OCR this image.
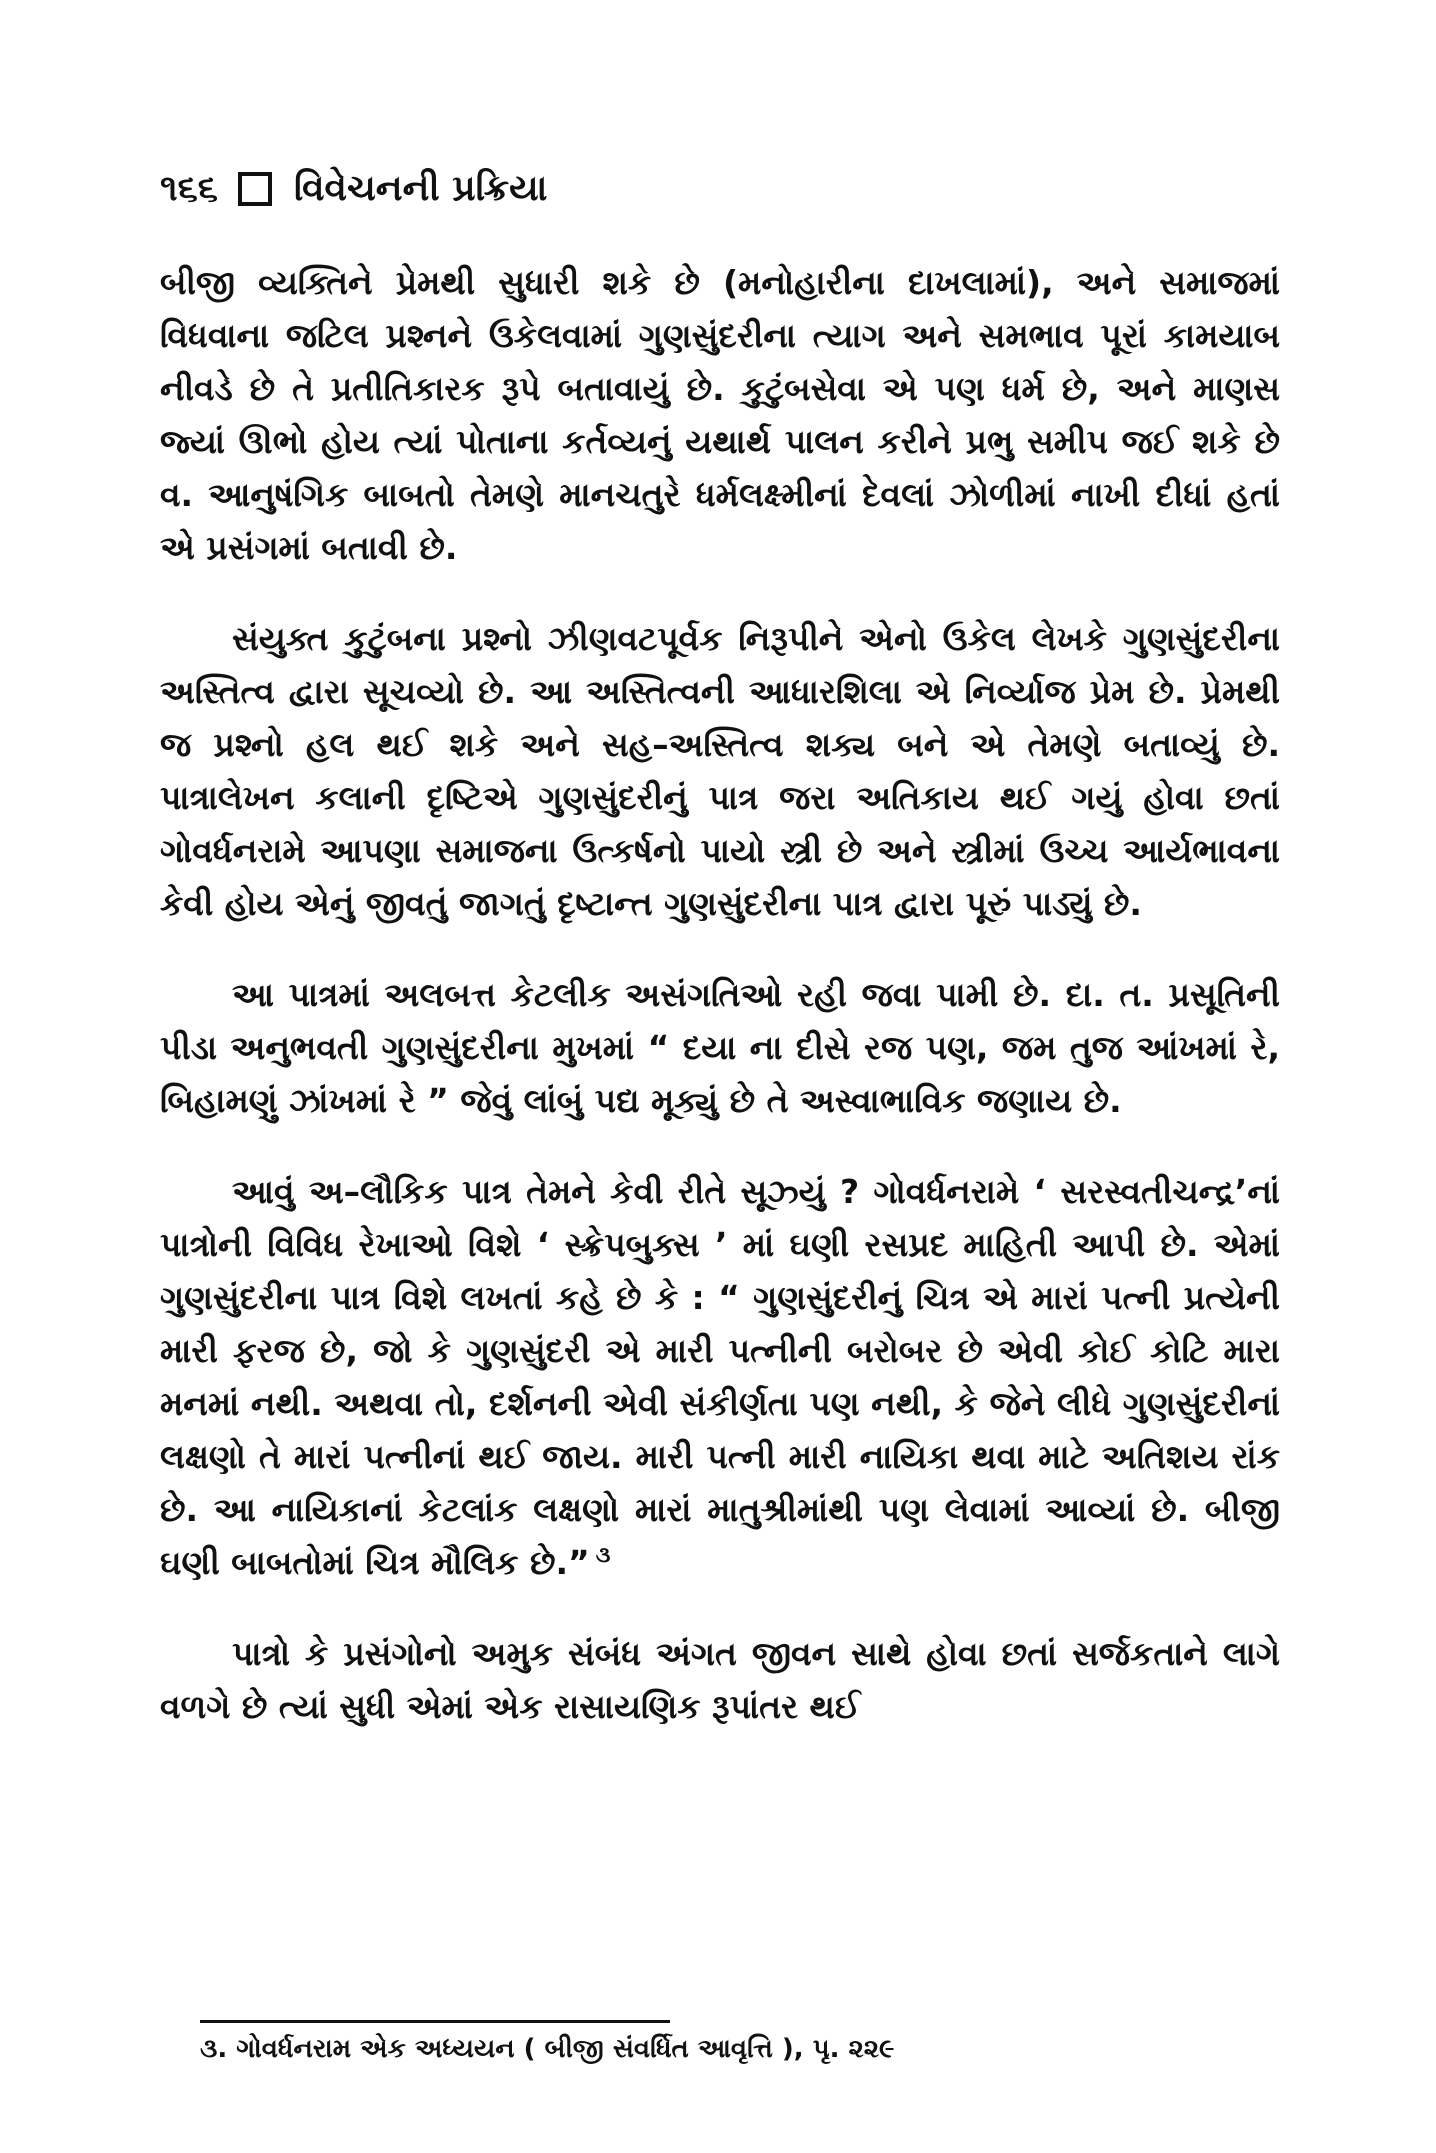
૧૬૬ વિવેચનની પ્રક્રિયા

બીજી વ્યક્તિને પ્રેમથી સુધારી શકે છે (મનોહારીના દાખલામાં), અને સમાજમાં વિધવાના જટિલ પ્રશ્નને ઉકેલવામાં ગુણસુંદરીના ત્યાગ અને સમભાવ પૂરાં કામયાબ નીવડે છે તે પ્રતીતિકારક રૂપે બતાવાયું છે. કુટુંબસેવા એ પણ ધર્મ છે, અને માણસ જ્યાં ઊભો હોય ત્યાં પોતાના કર્તવ્યનું યથાર્થ પાલન કરીને પ્રભુ સમીપ જઈ શકે છે વ. આનુષંગિક બાબતો તેમણે માનચતુરે ધર્મલક્ષ્મીનાં દેવલાં ઝોળીમાં નાખી દીધાં હતાં એ પ્રસંગમાં બતાવી છે.

સંયુક્ત કુટુંબના પ્રશ્નો ઝીણવટપૂર્વક નિરૂપીને એનો ઉકેલ લેખકે ગુણસુંદરીના અસ્તિત્વ દ્વારા સૂચવ્યો છે. આ અસ્તિત્વની આધારશિલા એ નિર્વ્યાજ પ્રેમ છે. પ્રેમથી જ પ્રશ્નો હલ થઈ શકે અને સહ–અસ્તિત્વ શક્ય બને એ તેમણે બતાવ્યું છે. પાત્રાલેખન કલાની દૃષ્ટિએ ગુણસુંદરીનું પાત્ર જરા અતિકાય થઈ ગયું હોવા છતાં ગોવર્ધનરામે આપણા સમાજના ઉત્કર્ષનો પાયો સ્ત્રી છે અને સ્ત્રીમાં ઉચ્ચ આર્યભાવના કેવી હોય એનું જીવતું જાગતું દૃષ્ટાન્ત ગુણસુંદરીના પાત્ર દ્વારા પૂરું પાડ્યું છે.

આ પાત્રમાં અલબત્ત કેટલીક અસંગતિઓ રહી જવા પામી છે. દા. ત. પ્રસૂતિની પીડા અનુભવતી ગુણસુંદરીના મુખમાં “ દયા ના દીસે રજ પણ, જમ તુજ આંખમાં રે, બિહામણું ઝાંખમાં રે ” જેવું લાંબું પદ્ય મૂક્યું છે તે અસ્વાભાવિક જણાય છે.

આવું અ–લૌકિક પાત્ર તેમને કેવી રીતે સૂઝ્યું ? ગોવર્ધનરામે ‘ સરસ્વતીચન્દ્ર’નાં પાત્રોની વિવિધ રેખાઓ વિશે ‘ સ્ક્રેપબુક્સ ’ માં ઘણી રસપ્રદ માહિતી આપી છે. એમાં ગુણસુંદરીના પાત્ર વિશે લખતાં કહે છે કે : “ ગુણસુંદરીનું ચિત્ર એ મારાં પત્ની પ્રત્યેની મારી ફરજ છે, જો કે ગુણસુંદરી એ મારી પત્નીની બરોબર છે એવી કોઈ કોટિ મારા મનમાં નથી. અથવા તો, દર્શનની એવી સંકીર્ણતા પણ નથી, કે જેને લીધે ગુણસુંદરીનાં લક્ષણો તે મારાં પત્નીનાં થઈ જાય. મારી પત્ની મારી નાયિકા થવા માટે અતિશય રાંક છે. આ નાયિકાનાં કેટલાંક લક્ષણો મારાં માતુશ્રીમાંથી પણ લેવામાં આવ્યાં છે. બીજી ઘણી બાબતોમાં ચિત્ર મૌલિક છે.” $^૩$

પાત્રો કે પ્રસંગોનો અમુક સંબંધ અંગત જીવન સાથે હોવા છતાં સર્જકતાને લાગે વળગે છે ત્યાં સુધી એમાં એક રાસાયણિક રૂપાંતર થઈ

૩. ગોવર્ધનરામ એક અધ્યયન ( બીજી સંવર્ધિત આવૃત્તિ ), પૃ. ૨૨૯
